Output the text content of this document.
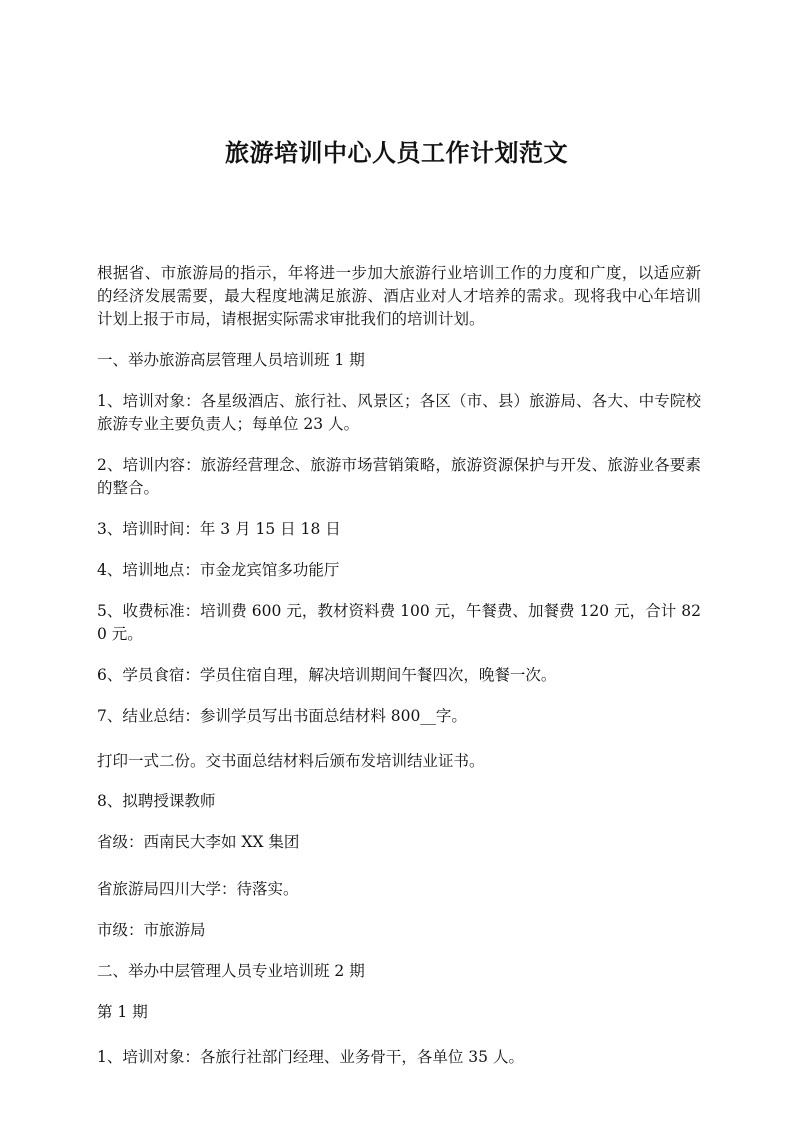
旅游培训中心人员工作计划范文

根据省、市旅游局的指示，年将进一步加大旅游行业培训工作的力度和广度，以适应新的经济发展需要，最大程度地满足旅游、酒店业对人才培养的需求。现将我中心年培训计划上报于市局，请根据实际需求审批我们的培训计划。

一、举办旅游高层管理人员培训班 1 期

1、培训对象：各星级酒店、旅行社、风景区；各区（市、县）旅游局、各大、中专院校旅游专业主要负责人；每单位 23 人。

2、培训内容：旅游经营理念、旅游市场营销策略，旅游资源保护与开发、旅游业各要素的整合。

3、培训时间：年 3 月 15 日 18 日

4、培训地点：市金龙宾馆多功能厅

5、收费标准：培训费 600 元，教材资料费 100 元，午餐费、加餐费 120 元，合计 820 元。

6、学员食宿：学员住宿自理，解决培训期间午餐四次，晚餐一次。

7、结业总结：参训学员写出书面总结材料 800__字。

打印一式二份。交书面总结材料后颁布发培训结业证书。

8、拟聘授课教师

省级：西南民大李如 XX 集团

省旅游局四川大学：待落实。

市级：市旅游局

二、举办中层管理人员专业培训班 2 期

第 1 期

1、培训对象：各旅行社部门经理、业务骨干，各单位 35 人。
